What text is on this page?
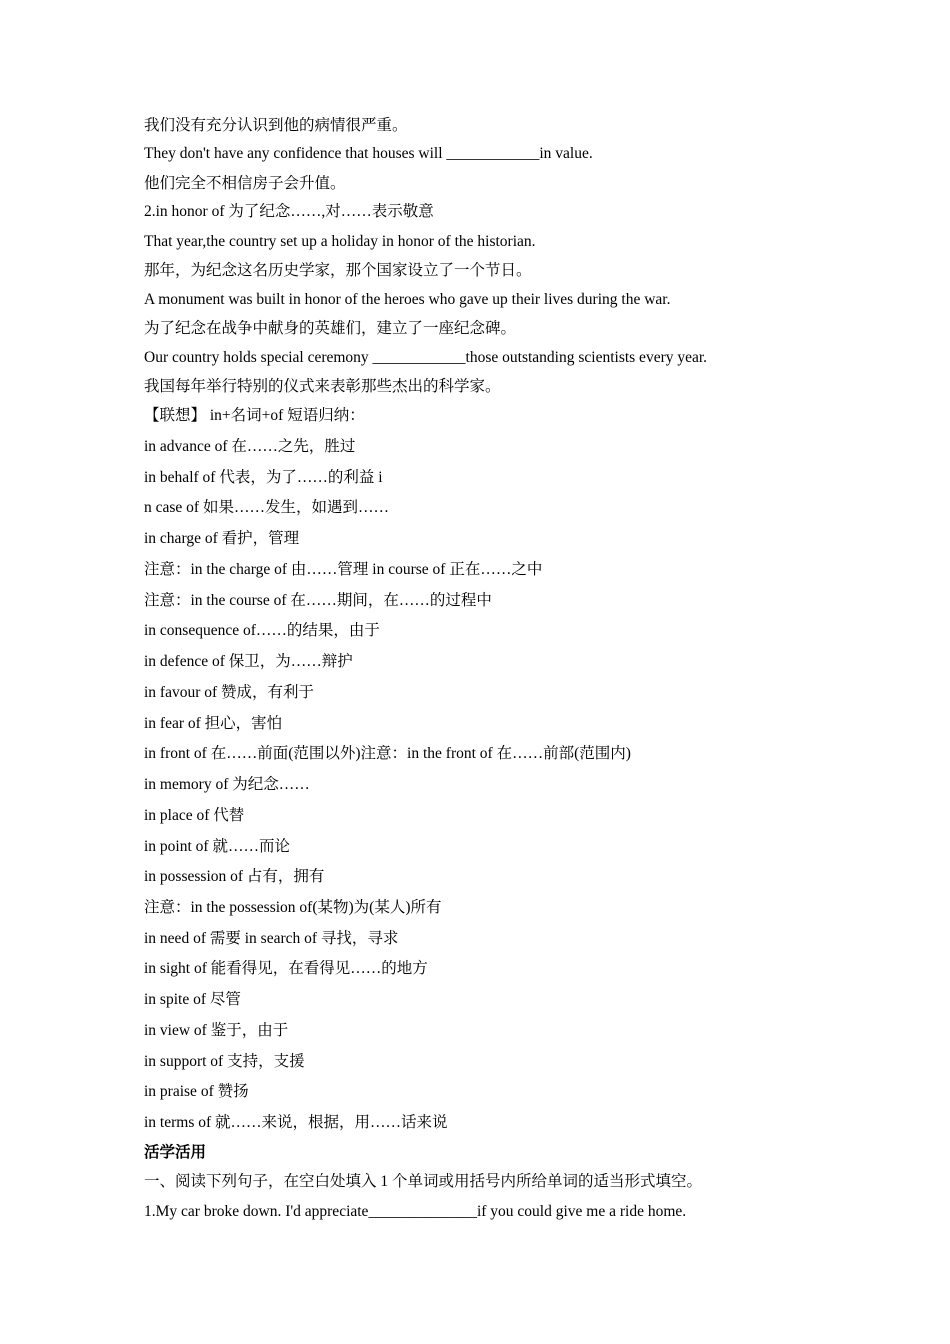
我们没有充分认识到他的病情很严重。
They don't have any confidence that houses will ____________in value.
他们完全不相信房子会升值。
2.in honor of 为了纪念……,对……表示敬意
That year,the country set up a holiday in honor of the historian.
那年，为纪念这名历史学家，那个国家设立了一个节日。
A monument was built in honor of the heroes who gave up their lives during the war.
为了纪念在战争中献身的英雄们，建立了一座纪念碑。
Our country holds special ceremony ____________those outstanding scientists every year.
我国每年举行特别的仪式来表彰那些杰出的科学家。
【联想】 in+名词+of 短语归纳：
in advance of 在……之先，胜过
in behalf of 代表，为了……的利益 i
n case of 如果……发生，如遇到……
in charge of 看护，管理
注意：in the charge of 由……管理 in course of 正在……之中
注意：in the course of 在……期间，在……的过程中
in consequence of……的结果，由于
in defence of 保卫，为……辩护
in favour of 赞成，有利于
in fear of 担心，害怕
in front of 在……前面(范围以外)注意：in the front of 在……前部(范围内)
in memory of 为纪念……
in place of 代替
in point of 就……而论
in possession of 占有，拥有
注意：in the possession of(某物)为(某人)所有
in need of 需要 in search of 寻找，寻求
in sight of 能看得见，在看得见……的地方
in spite of 尽管
in view of 鉴于，由于
in support of 支持，支援
in praise of 赞扬
in terms of 就……来说，根据，用……话来说
活学活用
一、阅读下列句子，在空白处填入 1 个单词或用括号内所给单词的适当形式填空。
1.My car broke down. I'd appreciate______________if you could give me a ride home.
